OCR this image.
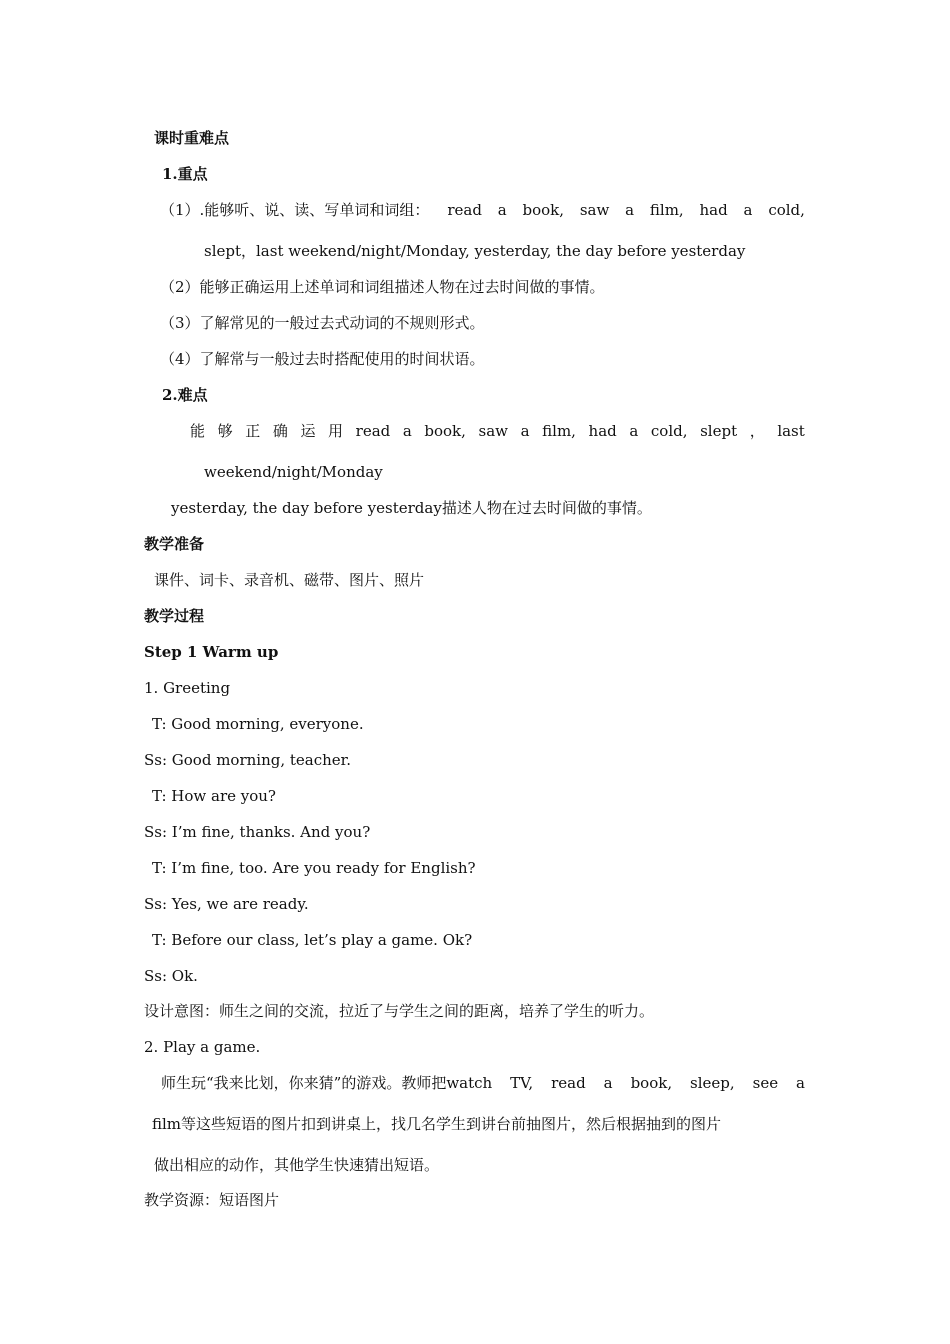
课时重难点
1.重点
（1）.能够听、说、读、写单词和词组： read a book, saw a film, had a cold,
slept，last weekend/night/Monday, yesterday, the day before yesterday
（2）能够正确运用上述单词和词组描述人物在过去时间做的事情。
（3）了解常见的一般过去式动词的不规则形式。
（4）了解常与一般过去时搭配使用的时间状语。
2.难点
能 够 正 确 运 用 read a book, saw a film, had a cold, slept ， last
weekend/night/Monday
yesterday, the day before yesterday描述人物在过去时间做的事情。
教学准备
课件、词卡、录音机、磁带、图片、照片
教学过程
Step 1 Warm up
1. Greeting
T: Good morning, everyone.
Ss: Good morning, teacher.
T: How are you?
Ss: I’m fine, thanks. And you?
T: I’m fine, too. Are you ready for English?
Ss: Yes, we are ready.
T: Before our class, let’s play a game. Ok?
Ss: Ok.
设计意图：师生之间的交流，拉近了与学生之间的距离，培养了学生的听力。
2. Play a game.
师生玩“我来比划，你来猜”的游戏。教师把watch TV, read a book, sleep, see a
film等这些短语的图片扣到讲桌上，找几名学生到讲台前抽图片，然后根据抽到的图片
做出相应的动作，其他学生快速猜出短语。
教学资源：短语图片
